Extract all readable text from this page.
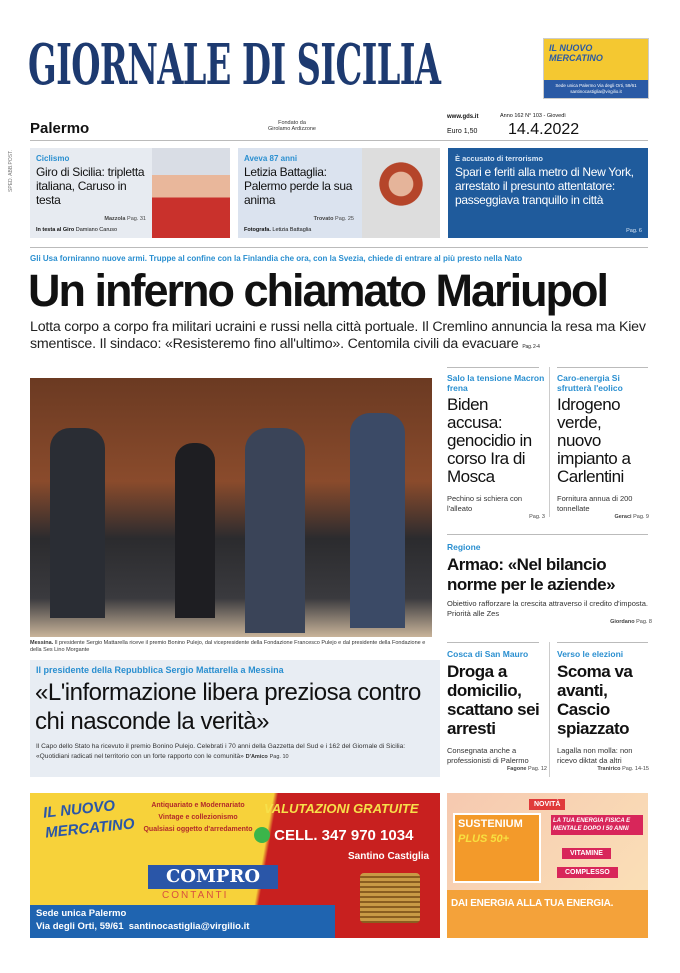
GIORNALE DI SICILIA
SPED. ABB.POST.
IL NUOVO MERCATINO
Sede unica Palermo Via degli Orti, 59/61
santinocastiglia@virgilio.it
Palermo	Fondato da
Girolamo Ardizzone
www.gds.it
Euro 1,50
Anno 162 N° 103 - Giovedì
14.4.2022
Ciclismo
Giro di Sicilia: tripletta italiana, Caruso in testa
Mazzola Pag. 31
In testa al Giro Damiano Caruso
Aveva 87 anni
Letizia Battaglia: Palermo perde la sua anima
Trovato Pag. 25
Fotografa. Letizia Battaglia
È accusato di terrorismo
Spari e feriti alla metro di New York, arrestato il presunto attentatore: passeggiava tranquillo in città
Pag. 6
Gli Usa forniranno nuove armi. Truppe al confine con la Finlandia che ora, con la Svezia, chiede di entrare al più presto nella Nato
Un inferno chiamato Mariupol
Lotta corpo a corpo fra militari ucraini e russi nella città portuale. Il Cremlino annuncia la resa ma Kiev smentisce. Il sindaco: «Resisteremo fino all'ultimo». Centomila civili da evacuare Pag. 2-4
Messina. Il presidente Sergio Mattarella riceve il premio Bonino Pulejo, dal vicepresidente della Fondazione Francesco Pulejo e dal presidente della Fondazione e della Ses Lino Morgante
Il presidente della Repubblica Sergio Mattarella a Messina
«L'informazione libera preziosa contro chi nasconde la verità»
Il Capo dello Stato ha ricevuto il premio Bonino Pulejo. Celebrati i 70 anni della Gazzetta del Sud e i 162 del Giornale di Sicilia: «Quotidiani radicati nel territorio con un forte rapporto con le comunità» D'Amico Pag. 10
Salo la tensione Macron frena
Biden accusa: genocidio in corso Ira di Mosca
Pechino si schiera con l'alleato
Pag. 3
Caro-energia Si sfrutterà l'eolico
Idrogeno verde, nuovo impianto a Carlentini
Fornitura annua di 200 tonnellate
Geraci Pag. 9
Regione
Armao: «Nel bilancio norme per le aziende»
Obiettivo rafforzare la crescita attraverso il credito d'imposta. Priorità alle Zes
Giordano Pag. 8
Cosca di San Mauro
Droga a domicilio, scattano sei arresti
Consegnata anche a professionisti di Palermo
Fagone Pag. 12
Verso le elezioni
Scoma va avanti, Cascio spiazzato
Lagalla non molla: non ricevo diktat da altri
Tranirico Pag. 14-15
IL NUOVO
MERCATINO
Antiquariato e Modernariato
Vintage e collezionismo
Qualsiasi oggetto d'arredamento
VALUTAZIONI GRATUITE
CELL. 347 970 1034
Santino Castiglia
COMPRO
CONTANTI
Sede unica Palermo
Via degli Orti, 59/61 santinocastiglia@virgilio.it
NOVITÀ
SUSTENIUM
PLUS 50+
LA TUA ENERGIA FISICA E MENTALE DOPO I 50 ANNI
VITAMINE
COMPLESSO
DAI ENERGIA ALLA TUA ENERGIA.
